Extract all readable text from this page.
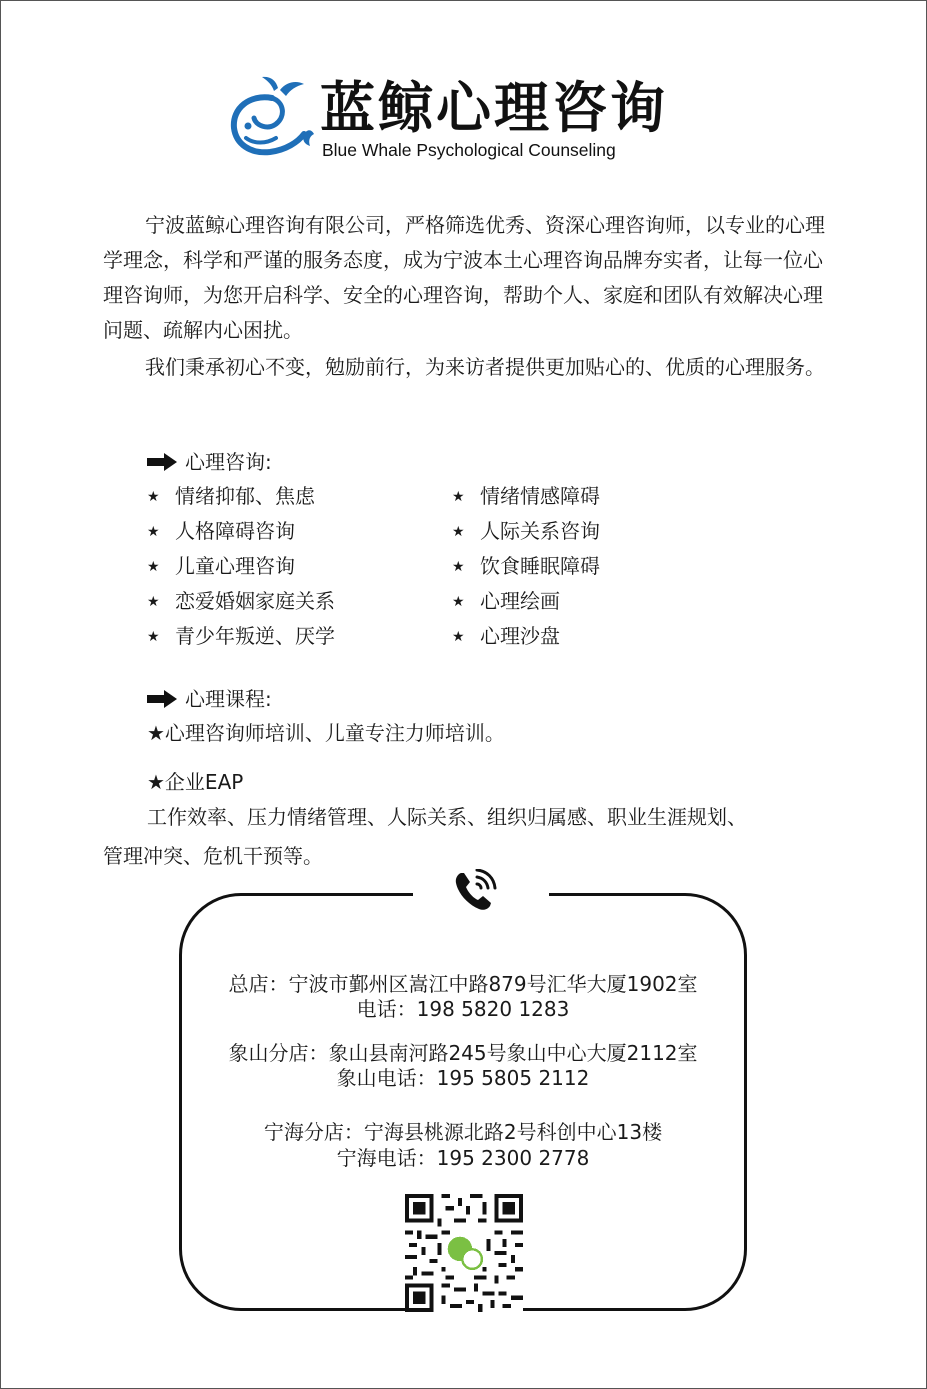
蓝鲸心理咨询
Blue Whale Psychological Counseling

宁波蓝鲸心理咨询有限公司，严格筛选优秀、资深心理咨询师，以专业的心理学理念，科学和严谨的服务态度，成为宁波本土心理咨询品牌夯实者，让每一位心理咨询师，为您开启科学、安全的心理咨询，帮助个人、家庭和团队有效解决心理问题、疏解内心困扰。

我们秉承初心不变，勉励前行，为来访者提供更加贴心的、优质的心理服务。

心理咨询:
★ 情绪抑郁、焦虑
★ 人格障碍咨询
★ 儿童心理咨询
★ 恋爱婚姻家庭关系
★ 青少年叛逆、厌学
★ 情绪情感障碍
★ 人际关系咨询
★ 饮食睡眠障碍
★ 心理绘画
★ 心理沙盘
心理课程:
★心理咨询师培训、儿童专注力师培训。
★企业EAP
工作效率、压力情绪管理、人际关系、组织归属感、职业生涯规划、
管理冲突、危机干预等。
总店：宁波市鄞州区嵩江中路879号汇华大厦1902室
电话：198 5820 1283
象山分店：象山县南河路245号象山中心大厦2112室
象山电话：195 5805 2112
宁海分店：宁海县桃源北路2号科创中心13楼
宁海电话：195 2300 2778
